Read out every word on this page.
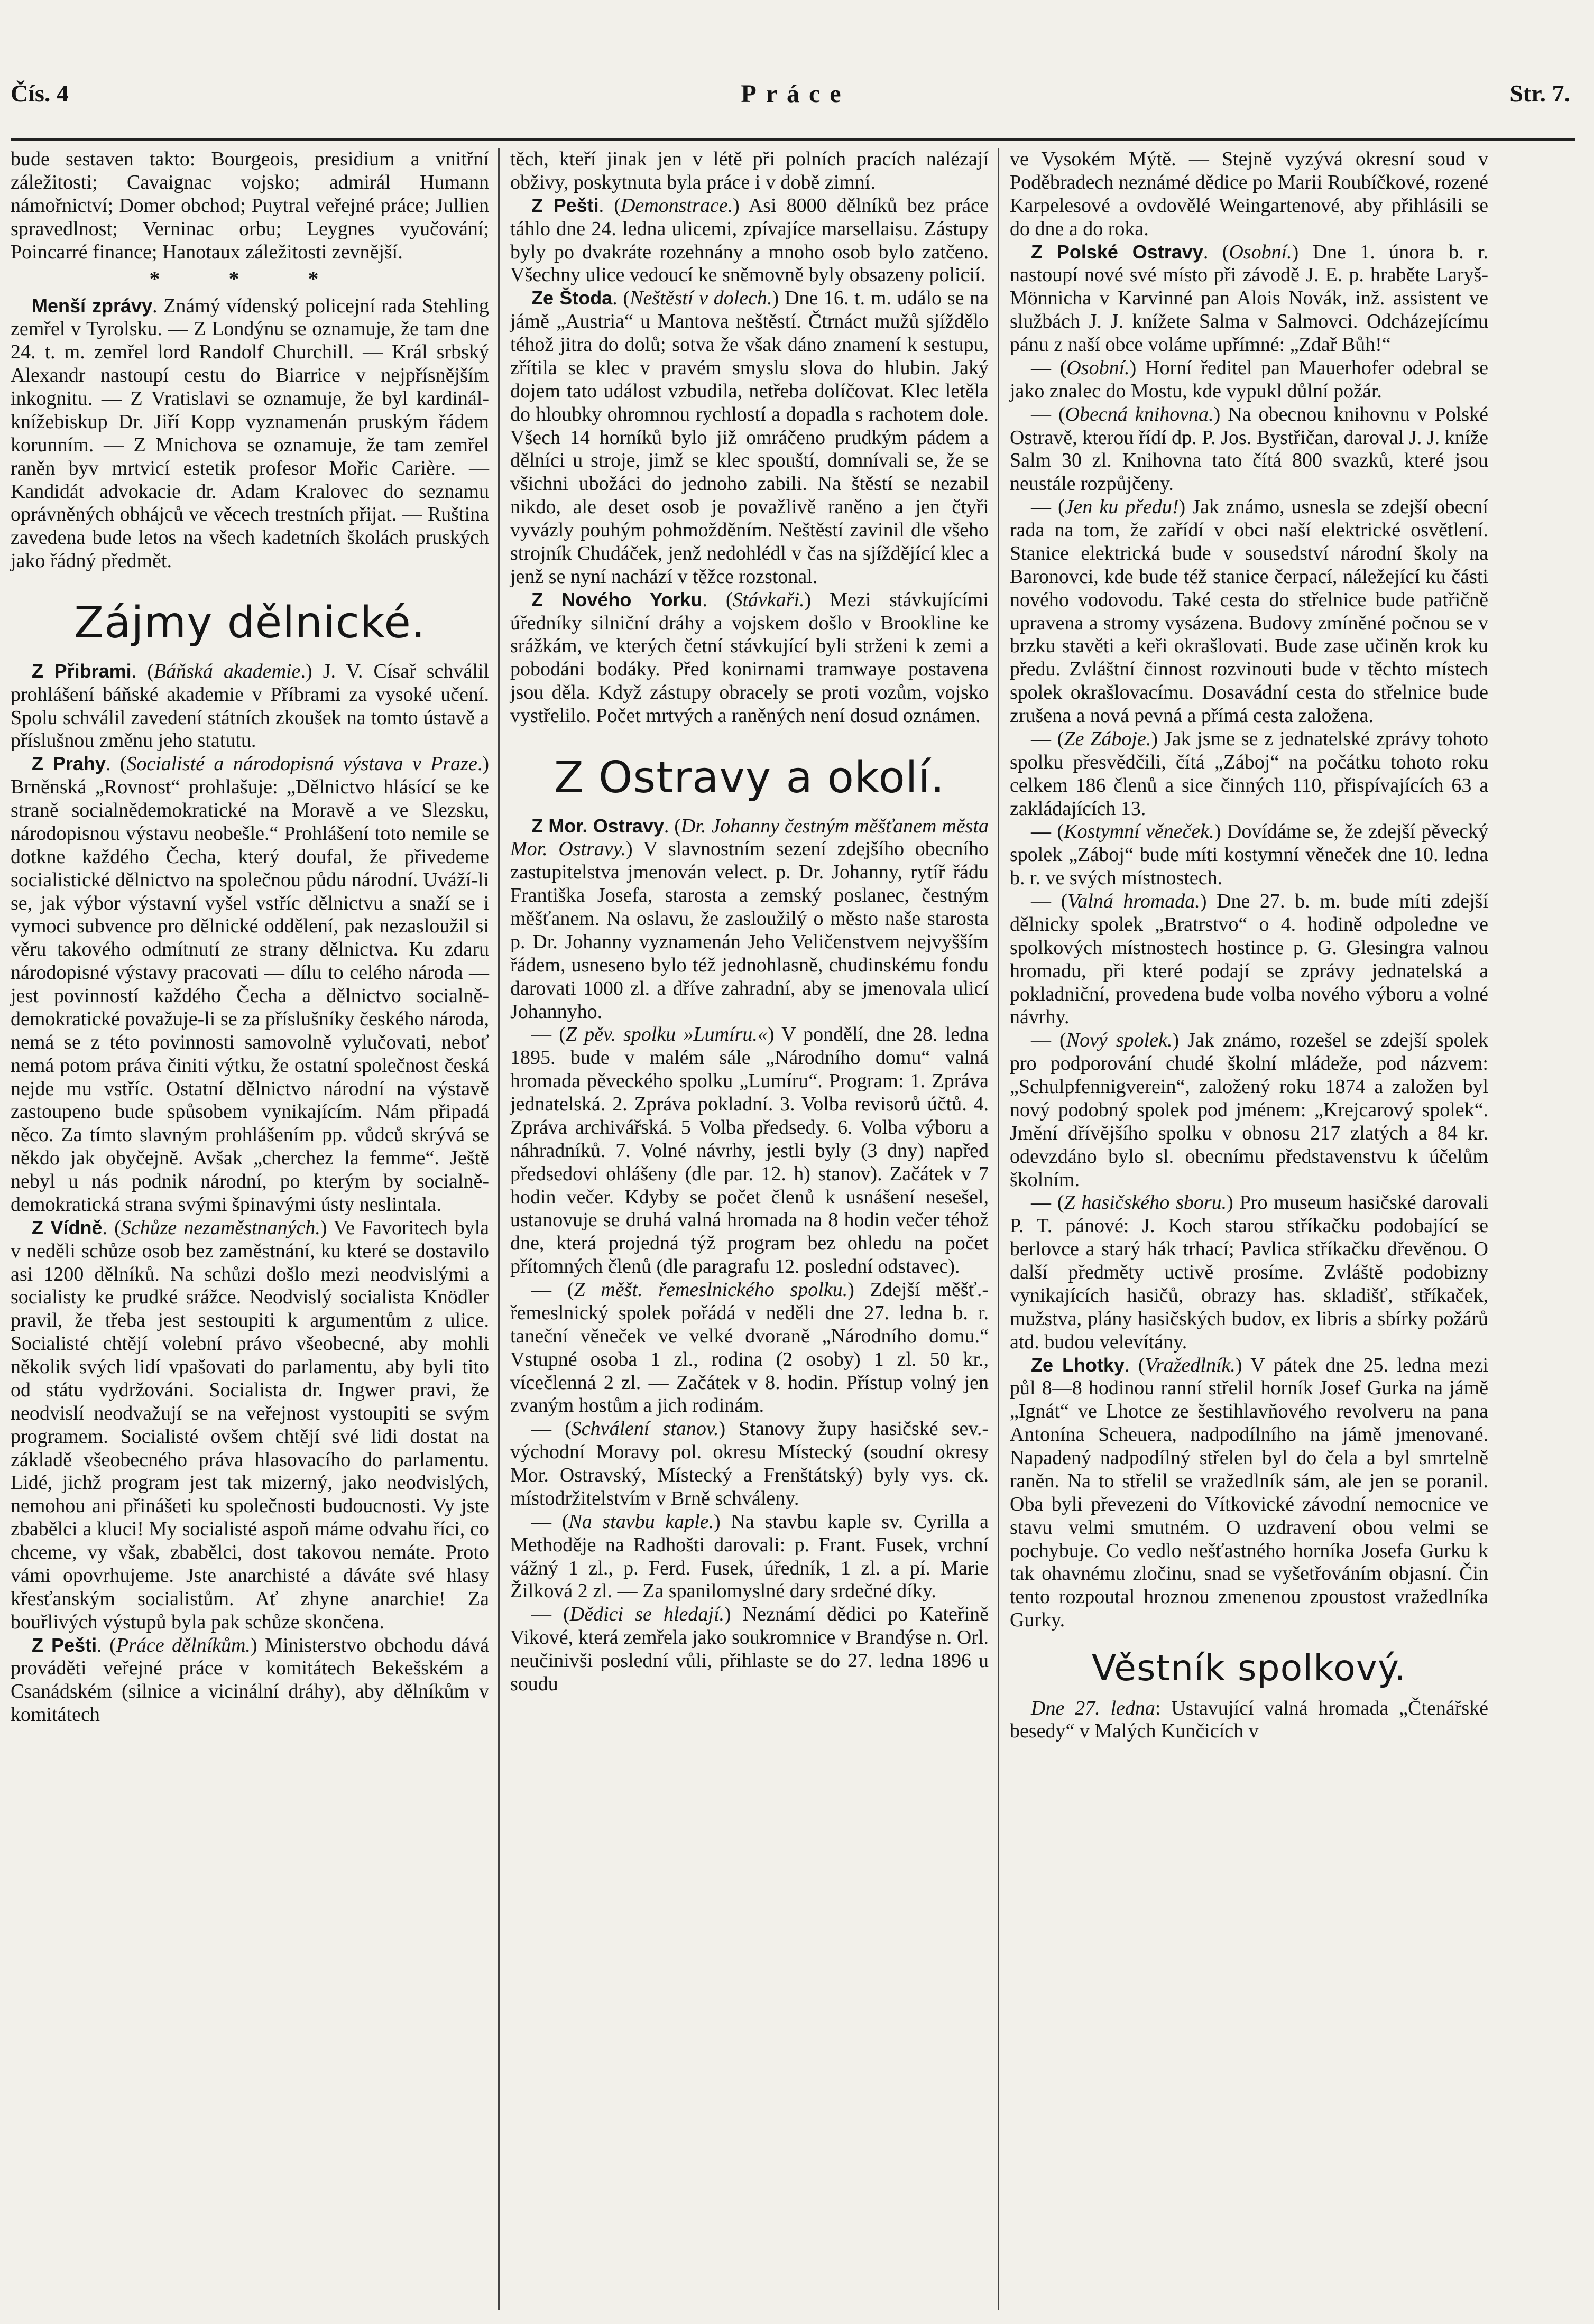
Čís. 4	Práce	Str. 7.

bude sestaven takto: Bourgeois, presidium a vnitřní záležitosti; Cavaignac vojsko; admirál Humann námořnictví; Domer obchod; Puytral veřejné práce; Jullien spravedlnost; Verninac orbu; Leygnes vyučování; Poincarré finance; Hanotaux záležitosti zevnější.

* * *

Menší zprávy. Známý vídenský policejní rada Stehling zemřel v Tyrolsku. — Z Londýnu se oznamuje, že tam dne 24. t. m. zemřel lord Randolf Churchill. — Král srbský Alexandr nastoupí cestu do Biarrice v nejpřísnějším inkognitu. — Z Vratislavi se oznamuje, že byl kardinál-knížebiskup Dr. Jiří Kopp vyznamenán pruským řádem korunním. — Z Mnichova se oznamuje, že tam zemřel raněn byv mrtvicí estetik profesor Mořic Carière. — Kandidát advokacie dr. Adam Kralovec do seznamu oprávněných obhájců ve věcech trestních přijat. — Ruština zavedena bude letos na všech kadetních školách pruských jako řádný předmět.

Zájmy dělnické.

Z Přibrami. (Báňská akademie.) J. V. Císař schválil prohlášení báňské akademie v Příbrami za vysoké učení. Spolu schválil zavedení státních zkoušek na tomto ústavě a příslušnou změnu jeho statutu.

Z Prahy. (Socialisté a národopisná výstava v Praze.) Brněnská „Rovnost“ prohlašuje: „Dělnictvo hlásící se ke straně socialnědemokratické na Moravě a ve Slezsku, národopisnou výstavu neobešle.“ Prohlášení toto nemile se dotkne každého Čecha, který doufal, že přivedeme socialistické dělnictvo na společnou půdu národní. Uváží-li se, jak výbor výstavní vyšel vstříc dělnictvu a snaží se i vymoci subvence pro dělnické oddělení, pak nezasloužil si věru takového odmítnutí ze strany dělnictva. Ku zdaru národopisné výstavy pracovati — dílu to celého národa — jest povinností každého Čecha a dělnictvo socialně-demokratické považuje-li se za příslušníky českého národa, nemá se z této povinnosti samovolně vylučovati, neboť nemá potom práva činiti výtku, že ostatní společnost česká nejde mu vstříc. Ostatní dělnictvo národní na výstavě zastoupeno bude spůsobem vynikajícím. Nám připadá něco. Za tímto slavným prohlášením pp. vůdců skrývá se někdo jak obyčejně. Avšak „cherchez la femme“. Ještě nebyl u nás podnik národní, po kterým by socialně-demokratická strana svými špinavými ústy neslintala.

Z Vídně. (Schůze nezaměstnaných.) Ve Favoritech byla v neděli schůze osob bez zaměstnání, ku které se dostavilo asi 1200 dělníků. Na schůzi došlo mezi neodvislými a socialisty ke prudké srážce. Neodvislý socialista Knödler pravil, že třeba jest sestoupiti k argumentům z ulice. Socialisté chtějí volební právo všeobecné, aby mohli několik svých lidí vpašovati do parlamentu, aby byli tito od státu vydržováni. Socialista dr. Ingwer pravi, že neodvislí neodvažují se na veřejnost vystoupiti se svým programem. Socialisté ovšem chtějí své lidi dostat na základě všeobecného práva hlasovacího do parlamentu. Lidé, jichž program jest tak mizerný, jako neodvislých, nemohou ani přinášeti ku společnosti budoucnosti. Vy jste zbabělci a kluci! My socialisté aspoň máme odvahu říci, co chceme, vy však, zbabělci, dost takovou nemáte. Proto vámi opovrhujeme. Jste anarchisté a dáváte své hlasy křesťanským socialistům. Ať zhyne anarchie! Za bouřlivých výstupů byla pak schůze skončena.

Z Pešti. (Práce dělníkům.) Ministerstvo obchodu dává prováděti veřejné práce v komitátech Bekešském a Csanádském (silnice a vicinální dráhy), aby dělníkům v komitátech

těch, kteří jinak jen v létě při polních pracích nalézají obživy, poskytnuta byla práce i v době zimní.

Z Pešti. (Demonstrace.) Asi 8000 dělníků bez práce táhlo dne 24. ledna ulicemi, zpívajíce marsellaisu. Zástupy byly po dvakráte rozehnány a mnoho osob bylo zatčeno. Všechny ulice vedoucí ke sněmovně byly obsazeny policií.

Ze Štoda. (Neštěstí v dolech.) Dne 16. t. m. událo se na jámě „Austria“ u Mantova neštěstí. Čtrnáct mužů sjíždělo téhož jitra do dolů; sotva že však dáno znamení k sestupu, zřítila se klec v pravém smyslu slova do hlubin. Jaký dojem tato událost vzbudila, netřeba dolíčovat. Klec letěla do hloubky ohromnou rychlostí a dopadla s rachotem dole. Všech 14 horníků bylo již omráčeno prudkým pádem a dělníci u stroje, jimž se klec spouští, domnívali se, že se všichni ubožáci do jednoho zabili. Na štěstí se nezabil nikdo, ale deset osob je považlivě raněno a jen čtyři vyvázly pouhým pohmožděním. Neštěstí zavinil dle všeho strojník Chudáček, jenž nedohlédl v čas na sjíždějící klec a jenž se nyní nachází v těžce rozstonal.

Z Nového Yorku. (Stávkaři.) Mezi stávkujícími úředníky silniční dráhy a vojskem došlo v Brookline ke srážkám, ve kterých četní stávkující byli strženi k zemi a pobodáni bodáky. Před konirnami tramwaye postavena jsou děla. Když zástupy obracely se proti vozům, vojsko vystřelilo. Počet mrtvých a raněných není dosud oznámen.

Z Ostravy a okolí.

Z Mor. Ostravy. (Dr. Johanny čestným měšťanem města Mor. Ostravy.) V slavnostním sezení zdejšího obecního zastupitelstva jmenován velect. p. Dr. Johanny, rytíř řádu Františka Josefa, starosta a zemský poslanec, čestným měšťanem. Na oslavu, že zasloužilý o město naše starosta p. Dr. Johanny vyznamenán Jeho Veličenstvem nejvyšším řádem, usneseno bylo též jednohlasně, chudinskému fondu darovati 1000 zl. a dříve zahradní, aby se jmenovala ulicí Johannyho.

— (Z pěv. spolku »Lumíru.«) V pondělí, dne 28. ledna 1895. bude v malém sále „Národního domu“ valná hromada pěveckého spolku „Lumíru“. Program: 1. Zpráva jednatelská. 2. Zpráva pokladní. 3. Volba revisorů účtů. 4. Zpráva archivářská. 5 Volba předsedy. 6. Volba výboru a náhradníků. 7. Volné návrhy, jestli byly (3 dny) napřed předsedovi ohlášeny (dle par. 12. h) stanov). Začátek v 7 hodin večer. Kdyby se počet členů k usnášení nesešel, ustanovuje se druhá valná hromada na 8 hodin večer téhož dne, která projedná týž program bez ohledu na počet přítomných členů (dle paragrafu 12. poslední odstavec).

— (Z měšt. řemeslnického spolku.) Zdejší měšť.-řemeslnický spolek pořádá v neděli dne 27. ledna b. r. taneční věneček ve velké dvoraně „Národního domu.“ Vstupné osoba 1 zl., rodina (2 osoby) 1 zl. 50 kr., vícečlenná 2 zl. — Začátek v 8. hodin. Přístup volný jen zvaným hostům a jich rodinám.

— (Schválení stanov.) Stanovy župy hasičské sev.-východní Moravy pol. okresu Místecký (soudní okresy Mor. Ostravský, Místecký a Frenštátský) byly vys. ck. místodržitelstvím v Brně schváleny.

— (Na stavbu kaple.) Na stavbu kaple sv. Cyrilla a Methoděje na Radhošti darovali: p. Frant. Fusek, vrchní vážný 1 zl., p. Ferd. Fusek, úředník, 1 zl. a pí. Marie Žilková 2 zl. — Za spanilomyslné dary srdečné díky.

— (Dědici se hledají.) Neznámí dědici po Kateřině Vikové, která zemřela jako soukromnice v Brandýse n. Orl. neučinivši poslední vůli, přihlaste se do 27. ledna 1896 u soudu

ve Vysokém Mýtě. — Stejně vyzývá okresní soud v Poděbradech neznámé dědice po Marii Roubíčkové, rozené Karpelesové a ovdovělé Weingartenové, aby přihlásili se do dne a do roka.

Z Polské Ostravy. (Osobní.) Dne 1. února b. r. nastoupí nové své místo při závodě J. E. p. hraběte Laryš-Mönnicha v Karvinné pan Alois Novák, inž. assistent ve službách J. J. knížete Salma v Salmovci. Odcházejícímu pánu z naší obce voláme upřímné: „Zdař Bůh!“

— (Osobní.) Horní ředitel pan Mauerhofer odebral se jako znalec do Mostu, kde vypukl důlní požár.

— (Obecná knihovna.) Na obecnou knihovnu v Polské Ostravě, kterou řídí dp. P. Jos. Bystřičan, daroval J. J. kníže Salm 30 zl. Knihovna tato čítá 800 svazků, které jsou neustále rozpůjčeny.

— (Jen ku předu!) Jak známo, usnesla se zdejší obecní rada na tom, že zařídí v obci naší elektrické osvětlení. Stanice elektrická bude v sousedství národní školy na Baronovci, kde bude též stanice čerpací, náležející ku části nového vodovodu. Také cesta do střelnice bude patřičně upravena a stromy vysázena. Budovy zmíněné počnou se v brzku stavěti a keři okrašlovati. Bude zase učiněn krok ku předu. Zvláštní činnost rozvinouti bude v těchto místech spolek okrašlovacímu. Dosavádní cesta do střelnice bude zrušena a nová pevná a přímá cesta založena.

— (Ze Záboje.) Jak jsme se z jednatelské zprávy tohoto spolku přesvědčili, čítá „Záboj“ na počátku tohoto roku celkem 186 členů a sice činných 110, přispívajících 63 a zakládajících 13.

— (Kostymní věneček.) Dovídáme se, že zdejší pěvecký spolek „Záboj“ bude míti kostymní věneček dne 10. ledna b. r. ve svých místnostech.

— (Valná hromada.) Dne 27. b. m. bude míti zdejší dělnicky spolek „Bratrstvo“ o 4. hodině odpoledne ve spolkových místnostech hostince p. G. Glesingra valnou hromadu, při které podají se zprávy jednatelská a pokladniční, provedena bude volba nového výboru a volné návrhy.

— (Nový spolek.) Jak známo, rozešel se zdejší spolek pro podporování chudé školní mládeže, pod názvem: „Schulpfennigverein“, založený roku 1874 a založen byl nový podobný spolek pod jménem: „Krejcarový spolek“. Jmění dřívějšího spolku v obnosu 217 zlatých a 84 kr. odevzdáno bylo sl. obecnímu představenstvu k účelům školním.

— (Z hasičského sboru.) Pro museum hasičské darovali P. T. pánové: J. Koch starou stříkačku podobající se berlovce a starý hák trhací; Pavlica stříkačku dřevěnou. O další předměty uctivě prosíme. Zvláště podobizny vynikajících hasičů, obrazy has. skladišť, stříkaček, mužstva, plány hasičských budov, ex libris a sbírky požárů atd. budou velevítány.

Ze Lhotky. (Vražedlník.) V pátek dne 25. ledna mezi půl 8—8 hodinou ranní střelil horník Josef Gurka na jámě „Ignát“ ve Lhotce ze šestihlavňového revolveru na pana Antonína Scheuera, nadpodílního na jámě jmenované. Napadený nadpodílný střelen byl do čela a byl smrtelně raněn. Na to střelil se vražedlník sám, ale jen se poranil. Oba byli převezeni do Vítkovické závodní nemocnice ve stavu velmi smutném. O uzdravení obou velmi se pochybuje. Co vedlo nešťastného horníka Josefa Gurku k tak ohavnému zločinu, snad se vyšetřováním objasní. Čin tento rozpoutal hroznou zmenenou zpoustost vražedlníka Gurky.

Věstník spolkový.

Dne 27. ledna: Ustavující valná hromada „Čtenářské besedy“ v Malých Kunčicích v
